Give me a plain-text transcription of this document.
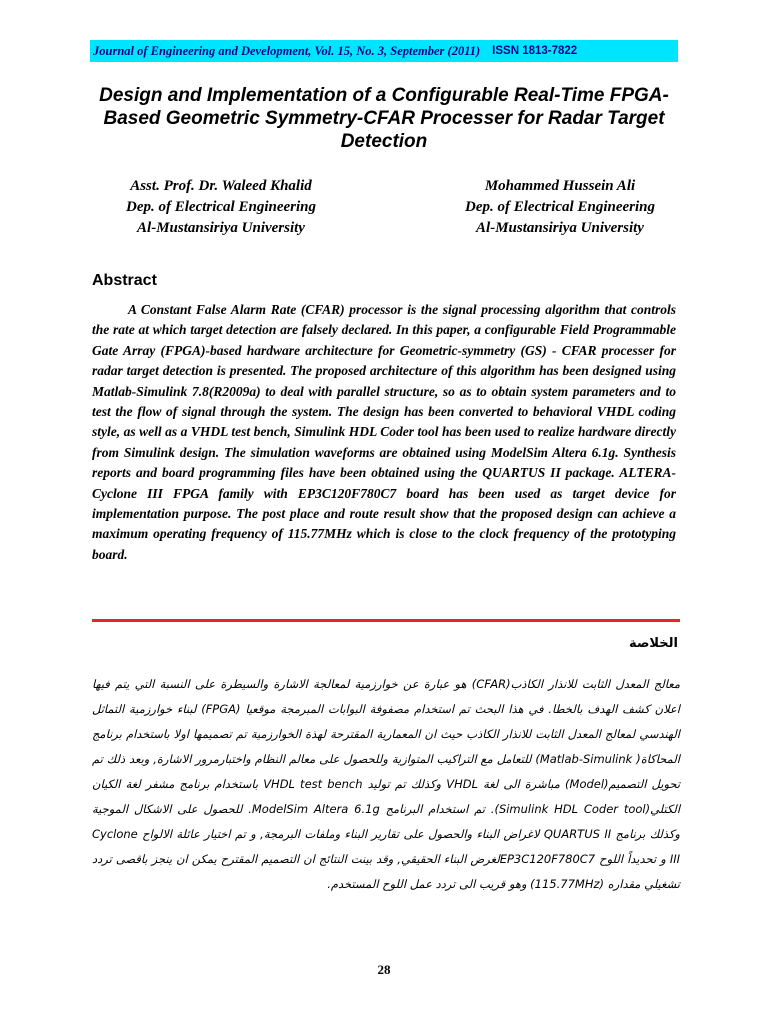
Journal of Engineering and Development, Vol. 15, No. 3, September (2011) ISSN 1813-7822
Design and Implementation of a Configurable Real-Time FPGA-Based Geometric Symmetry-CFAR Processer for Radar Target Detection
Asst. Prof. Dr. Waleed Khalid
Dep. of Electrical Engineering
Al-Mustansiriya University
Mohammed Hussein Ali
Dep. of Electrical Engineering
Al-Mustansiriya University
Abstract

A Constant False Alarm Rate (CFAR) processor is the signal processing algorithm that controls the rate at which target detection are falsely declared. In this paper, a configurable Field Programmable Gate Array (FPGA)-based hardware architecture for Geometric-symmetry (GS) - CFAR processer for radar target detection is presented. The proposed architecture of this algorithm has been designed using Matlab-Simulink 7.8(R2009a) to deal with parallel structure, so as to obtain system parameters and to test the flow of signal through the system. The design has been converted to behavioral VHDL coding style, as well as a VHDL test bench, Simulink HDL Coder tool has been used to realize hardware directly from Simulink design. The simulation waveforms are obtained using ModelSim Altera 6.1g. Synthesis reports and board programming files have been obtained using the QUARTUS II package. ALTERA-Cyclone III FPGA family with EP3C120F780C7 board has been used as target device for implementation purpose. The post place and route result show that the proposed design can achieve a maximum operating frequency of 115.77MHz which is close to the clock frequency of the prototyping board.

الخلاصة

معالج المعدل الثابت للانذار الكاذب(CFAR) هو عبارة عن خوارزمية لمعالجة الاشارة والسيطرة على النسبة التي يتم فيها اعلان كشف الهدف بالخطا. في هذا البحث تم استخدام مصفوفة البوابات المبرمجة موقعيا (FPGA) لبناء خوارزمية التماثل الهندسي لمعالج المعدل الثابت للانذار الكاذب حيث ان المعمارية المقترحة لهذة الخوارزمية تم تصميمها اولا باستخدام برنامج المحاكاة( Matlab-Simulink) للتعامل مع التراكيب المتوازية وللحصول على معالم النظام واختبارمرور الاشارة, وبعد ذلك تم تحويل التصميم(Model) مباشرة الى لغة VHDL وكذلك تم توليد VHDL test bench باستخدام برنامج مشفر لغة الكيان الكتلي(Simulink HDL Coder tool). تم استخدام البرنامج ModelSim Altera 6.1g. للحصول على الاشكال الموجية وكذلك برنامج QUARTUS II لاغراض البناء والحصول على تقارير البناء وملفات البرمجة, و تم اختيار عائلة الالواح Cyclone III و تحديداً اللوح EP3C120F780C7لغرض البناء الحقيقي, وقد بينت النتائج ان التصميم المقترح يمكن ان ينجز باقصى تردد تشغيلي مقداره (115.77MHz) وهو قريب الى تردد عمل اللوح المستخدم.

28
